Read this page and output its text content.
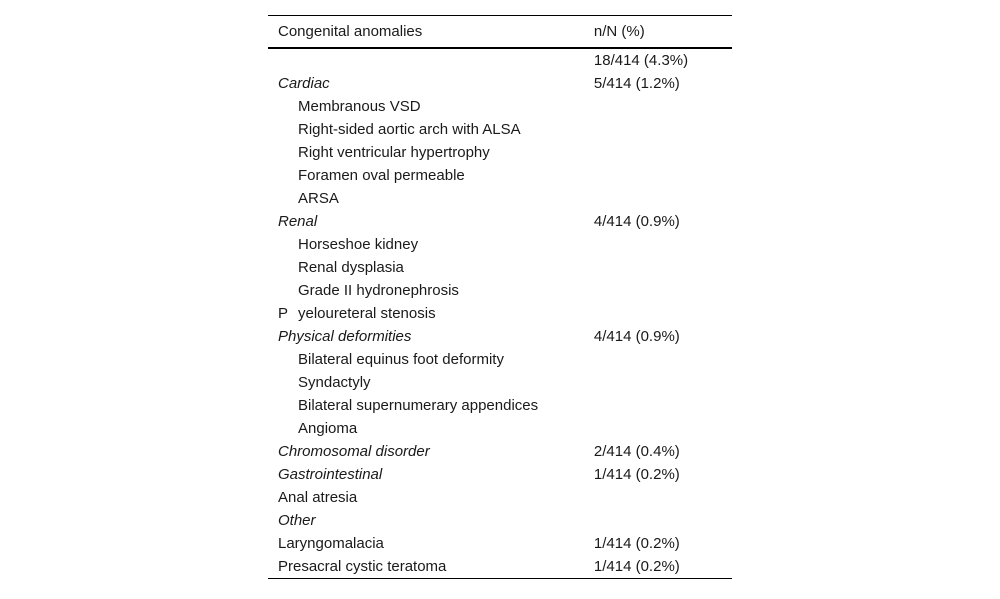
Congenital anomalies	n/N (%)
	18/414 (4.3%)
Cardiac	5/414 (1.2%)
Membranous VSD	
Right-sided aortic arch with ALSA	
Right ventricular hypertrophy	
Foramen oval permeable	
ARSA	
Renal	4/414 (0.9%)
Horseshoe kidney	
Renal dysplasia	
Grade II hydronephrosis	
P yeloureteral stenosis	
Physical deformities	4/414 (0.9%)
Bilateral equinus foot deformity	
Syndactyly	
Bilateral supernumerary appendices	
Angioma	
Chromosomal disorder	2/414 (0.4%)
Gastrointestinal	1/414 (0.2%)
Anal atresia	
Other	
Laryngomalacia	1/414 (0.2%)
Presacral cystic teratoma	1/414 (0.2%)
